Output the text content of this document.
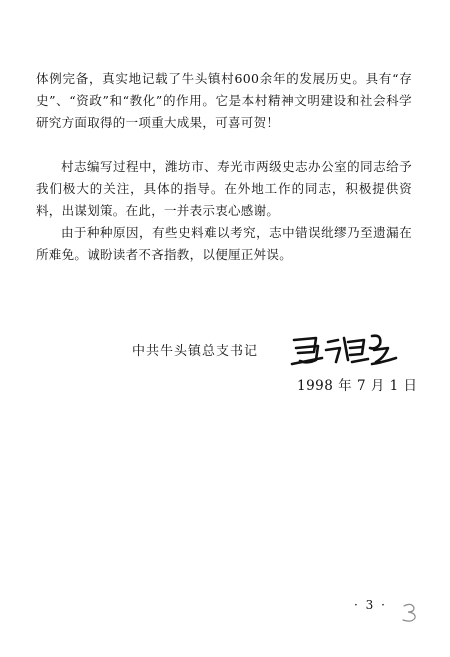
体例完备，真实地记载了牛头镇村600余年的发展历史。具有“存史”、“资政”和“教化”的作用。它是本村精神文明建设和社会科学研究方面取得的一项重大成果，可喜可贺！

村志编写过程中，潍坊市、寿光市两级史志办公室的同志给予我们极大的关注，具体的指导。在外地工作的同志，积极提供资料，出谋划策。在此，一并表示衷心感谢。

由于种种原因，有些史料难以考究，志中错误纰缪乃至遗漏在所难免。诚盼读者不吝指教，以便厘正舛误。

中共牛头镇总支书记
1998 年 7 月 1 日
· 3 ·
